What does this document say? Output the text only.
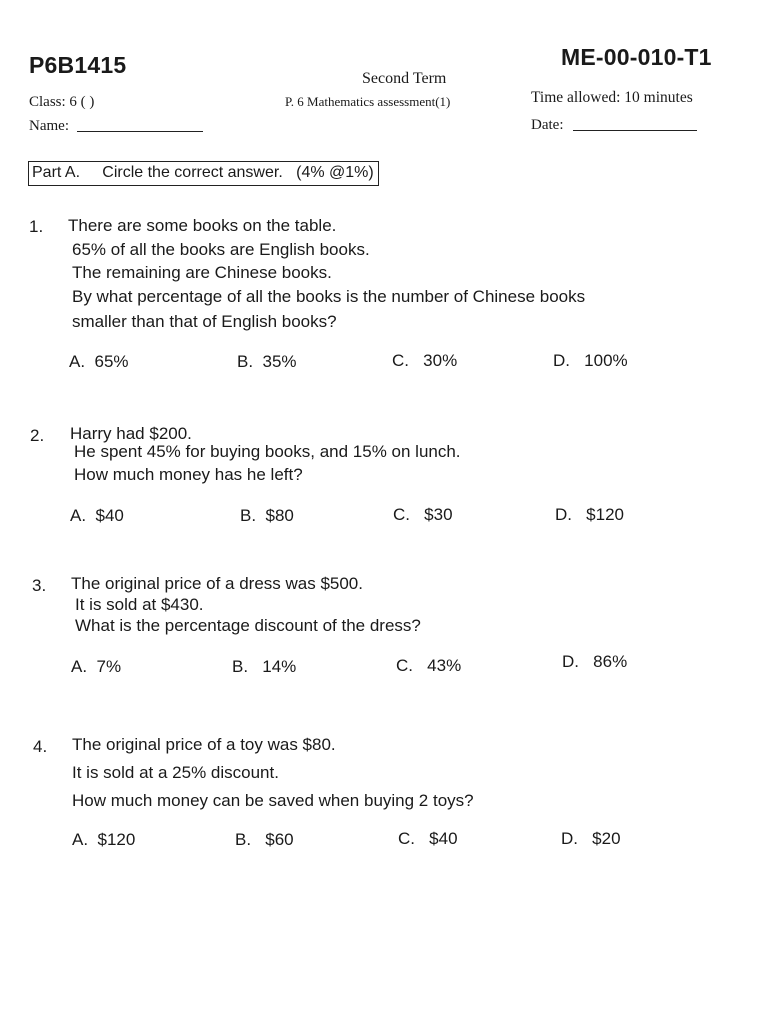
P6B1415	ME-00-010-T1
Second Term
P. 6 Mathematics assessment(1)
Class: 6 ( )
Name:
Time allowed: 10 minutes
Date:
Part A. Circle the correct answer. (4% @1%)
1. There are some books on the table.
65% of all the books are English books.
The remaining are Chinese books.
By what percentage of all the books is the number of Chinese books
smaller than that of English books?
A. 65%	B. 35%	C. 30%	D. 100%
2. Harry had $200.
He spent 45% for buying books, and 15% on lunch.
How much money has he left?
A. $40	B. $80	C. $30	D. $120
3. The original price of a dress was $500.
It is sold at $430.
What is the percentage discount of the dress?
A. 7%	B. 14%	C. 43%	D. 86%
4. The original price of a toy was $80.
It is sold at a 25% discount.
How much money can be saved when buying 2 toys?
A. $120	B. $60	C. $40	D. $20
